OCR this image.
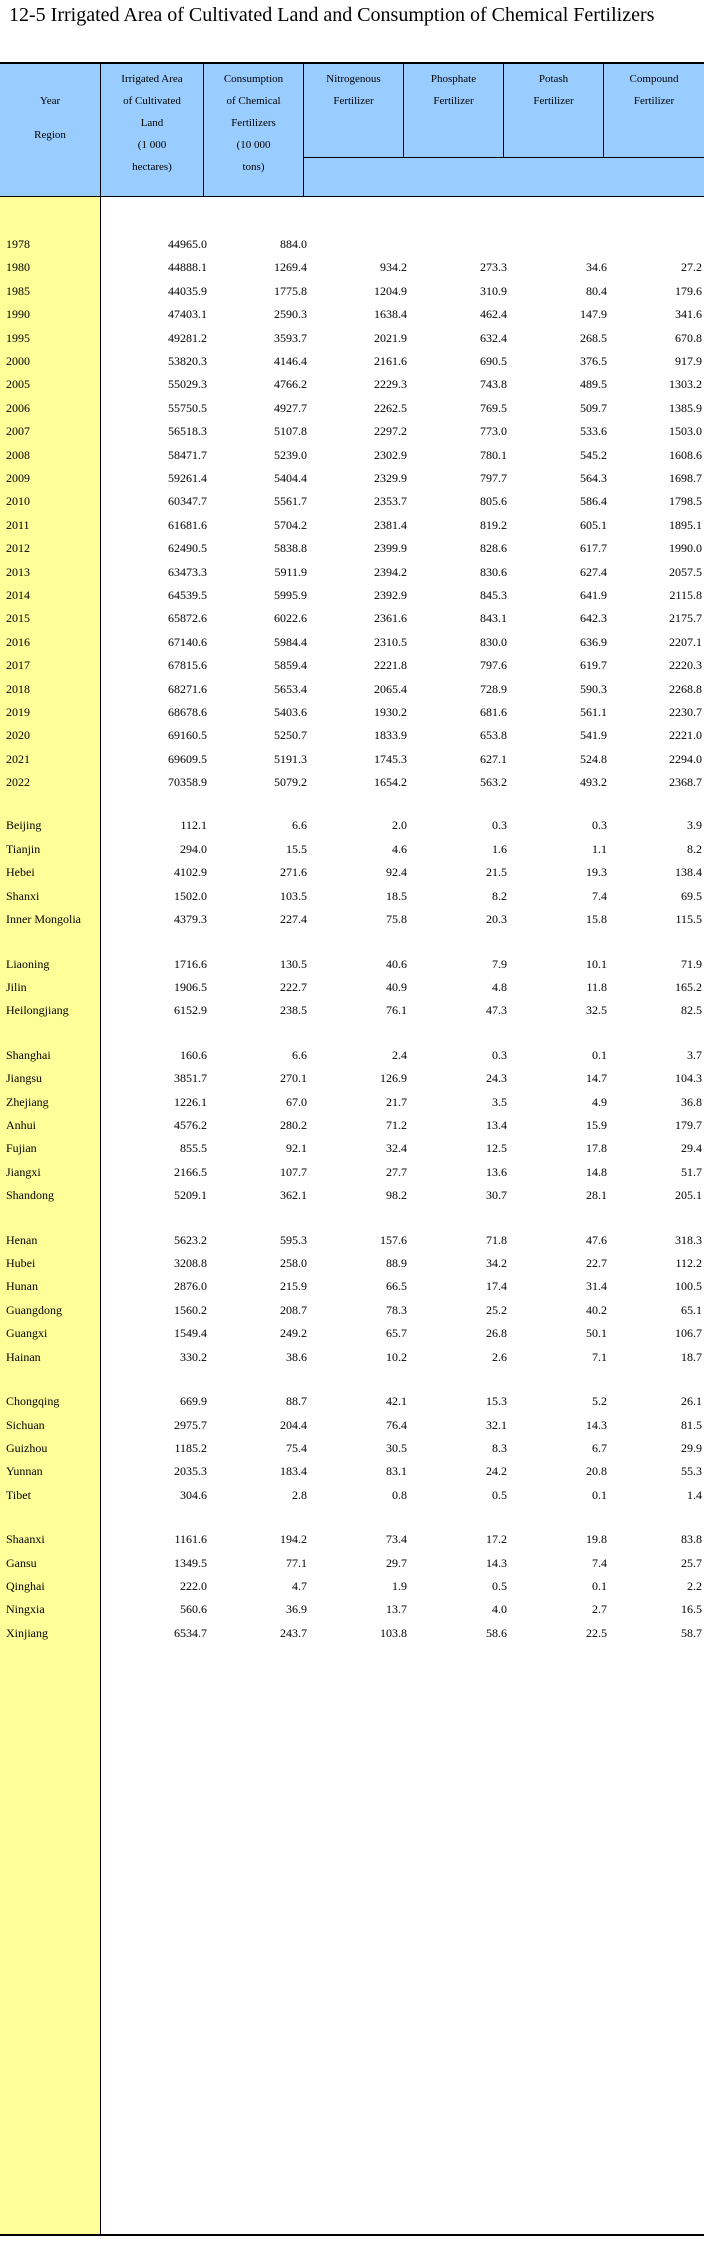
12-5 Irrigated Area of Cultivated Land and Consumption of Chemical Fertilizers
Year
Region
Irrigated Area
of Cultivated
Land
(1 000
hectares)
Consumption
of Chemical
Fertilizers
(10 000
tons)
Nitrogenous
Fertilizer
Phosphate
Fertilizer
Potash
Fertilizer
Compound
Fertilizer
1978	44965.0	884.0
1980	44888.1	1269.4	934.2	273.3	34.6	27.2
1985	44035.9	1775.8	1204.9	310.9	80.4	179.6
1990	47403.1	2590.3	1638.4	462.4	147.9	341.6
1995	49281.2	3593.7	2021.9	632.4	268.5	670.8
2000	53820.3	4146.4	2161.6	690.5	376.5	917.9
2005	55029.3	4766.2	2229.3	743.8	489.5	1303.2
2006	55750.5	4927.7	2262.5	769.5	509.7	1385.9
2007	56518.3	5107.8	2297.2	773.0	533.6	1503.0
2008	58471.7	5239.0	2302.9	780.1	545.2	1608.6
2009	59261.4	5404.4	2329.9	797.7	564.3	1698.7
2010	60347.7	5561.7	2353.7	805.6	586.4	1798.5
2011	61681.6	5704.2	2381.4	819.2	605.1	1895.1
2012	62490.5	5838.8	2399.9	828.6	617.7	1990.0
2013	63473.3	5911.9	2394.2	830.6	627.4	2057.5
2014	64539.5	5995.9	2392.9	845.3	641.9	2115.8
2015	65872.6	6022.6	2361.6	843.1	642.3	2175.7
2016	67140.6	5984.4	2310.5	830.0	636.9	2207.1
2017	67815.6	5859.4	2221.8	797.6	619.7	2220.3
2018	68271.6	5653.4	2065.4	728.9	590.3	2268.8
2019	68678.6	5403.6	1930.2	681.6	561.1	2230.7
2020	69160.5	5250.7	1833.9	653.8	541.9	2221.0
2021	69609.5	5191.3	1745.3	627.1	524.8	2294.0
2022	70358.9	5079.2	1654.2	563.2	493.2	2368.7
Beijing	112.1	6.6	2.0	0.3	0.3	3.9
Tianjin	294.0	15.5	4.6	1.6	1.1	8.2
Hebei	4102.9	271.6	92.4	21.5	19.3	138.4
Shanxi	1502.0	103.5	18.5	8.2	7.4	69.5
Inner Mongolia	4379.3	227.4	75.8	20.3	15.8	115.5
Liaoning	1716.6	130.5	40.6	7.9	10.1	71.9
Jilin	1906.5	222.7	40.9	4.8	11.8	165.2
Heilongjiang	6152.9	238.5	76.1	47.3	32.5	82.5
Shanghai	160.6	6.6	2.4	0.3	0.1	3.7
Jiangsu	3851.7	270.1	126.9	24.3	14.7	104.3
Zhejiang	1226.1	67.0	21.7	3.5	4.9	36.8
Anhui	4576.2	280.2	71.2	13.4	15.9	179.7
Fujian	855.5	92.1	32.4	12.5	17.8	29.4
Jiangxi	2166.5	107.7	27.7	13.6	14.8	51.7
Shandong	5209.1	362.1	98.2	30.7	28.1	205.1
Henan	5623.2	595.3	157.6	71.8	47.6	318.3
Hubei	3208.8	258.0	88.9	34.2	22.7	112.2
Hunan	2876.0	215.9	66.5	17.4	31.4	100.5
Guangdong	1560.2	208.7	78.3	25.2	40.2	65.1
Guangxi	1549.4	249.2	65.7	26.8	50.1	106.7
Hainan	330.2	38.6	10.2	2.6	7.1	18.7
Chongqing	669.9	88.7	42.1	15.3	5.2	26.1
Sichuan	2975.7	204.4	76.4	32.1	14.3	81.5
Guizhou	1185.2	75.4	30.5	8.3	6.7	29.9
Yunnan	2035.3	183.4	83.1	24.2	20.8	55.3
Tibet	304.6	2.8	0.8	0.5	0.1	1.4
Shaanxi	1161.6	194.2	73.4	17.2	19.8	83.8
Gansu	1349.5	77.1	29.7	14.3	7.4	25.7
Qinghai	222.0	4.7	1.9	0.5	0.1	2.2
Ningxia	560.6	36.9	13.7	4.0	2.7	16.5
Xinjiang	6534.7	243.7	103.8	58.6	22.5	58.7
